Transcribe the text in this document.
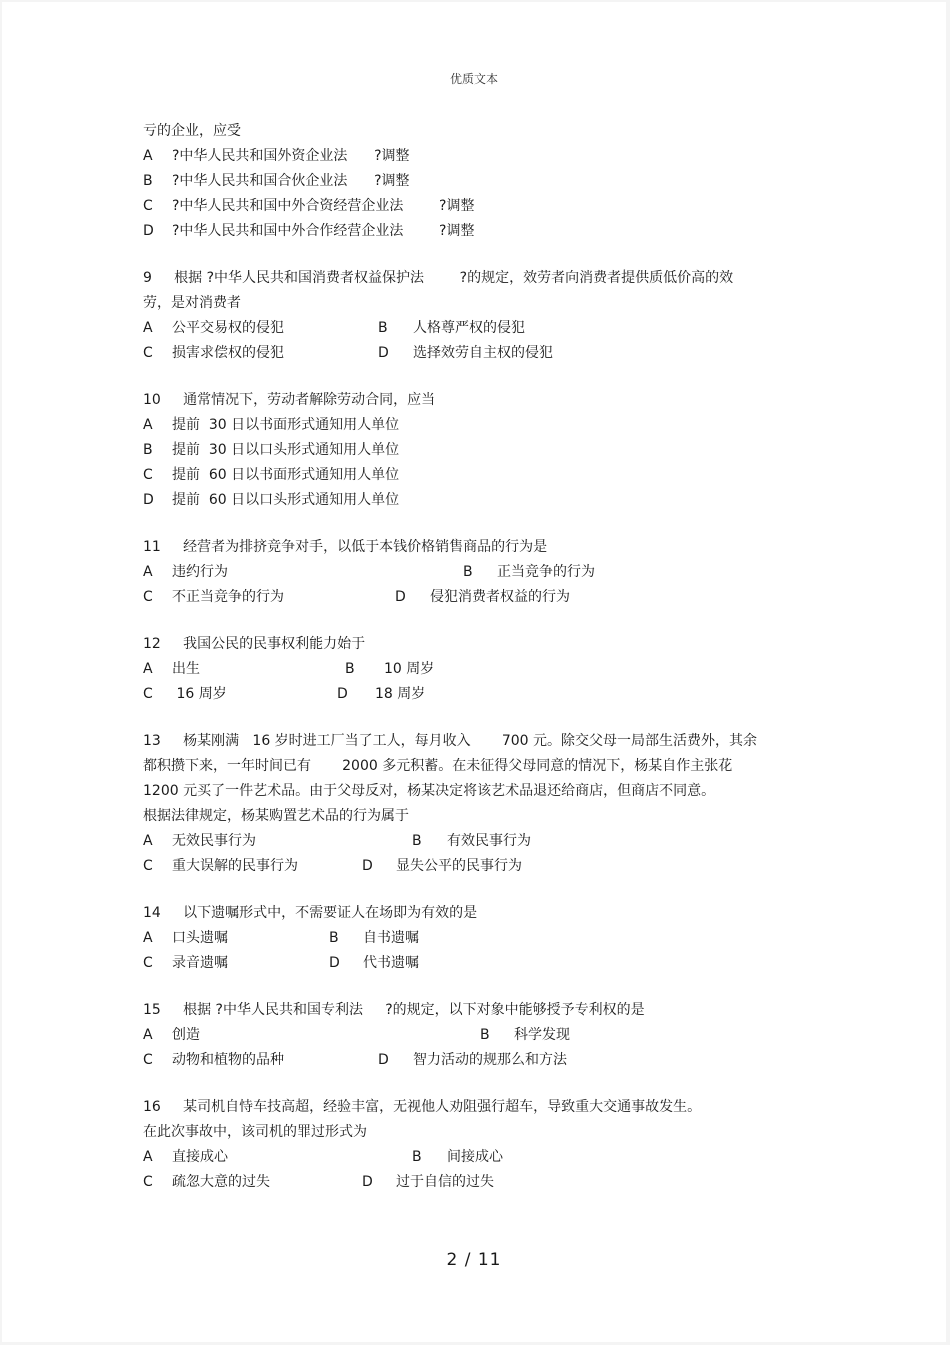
优质文本
亏的企业，应受
A	?中华人民共和国外资企业法      ?调整
B	?中华人民共和国合伙企业法      ?调整
C	?中华人民共和国中外合资经营企业法        ?调整
D	?中华人民共和国中外合作经营企业法        ?调整
9     根据 ?中华人民共和国消费者权益保护法        ?的规定，效劳者向消费者提供质低价高的效
劳，是对消费者
A	公平交易权的侵犯	B	人格尊严权的侵犯
C	损害求偿权的侵犯	D	选择效劳自主权的侵犯
10     通常情况下，劳动者解除劳动合同，应当
A	提前  30 日以书面形式通知用人单位
B	提前  30 日以口头形式通知用人单位
C	提前  60 日以书面形式通知用人单位
D	提前  60 日以口头形式通知用人单位
11     经营者为排挤竞争对手，以低于本钱价格销售商品的行为是
A	违约行为	B	正当竞争的行为
C	不正当竞争的行为	D	侵犯消费者权益的行为
12     我国公民的民事权利能力始于
A	出生	B	10 周岁
C	16 周岁	D	18 周岁
13     杨某刚满   16 岁时进工厂当了工人，每月收入       700 元。除交父母一局部生活费外，其余
都积攒下来，一年时间已有       2000 多元积蓄。在未征得父母同意的情况下，杨某自作主张花
1200 元买了一件艺术品。由于父母反对，杨某决定将该艺术品退还给商店，但商店不同意。
根据法律规定，杨某购置艺术品的行为属于
A	无效民事行为	B	有效民事行为
C	重大误解的民事行为	D	显失公平的民事行为
14     以下遗嘱形式中，不需要证人在场即为有效的是
A	口头遗嘱	B	自书遗嘱
C	录音遗嘱	D	代书遗嘱
15     根据 ?中华人民共和国专利法     ?的规定，以下对象中能够授予专利权的是
A	创造	B	科学发现
C	动物和植物的品种	D	智力活动的规那么和方法
16     某司机自恃车技高超，经验丰富，无视他人劝阻强行超车，导致重大交通事故发生。
在此次事故中，该司机的罪过形式为
A	直接成心	B	间接成心
C	疏忽大意的过失	D	过于自信的过失
2 / 11
